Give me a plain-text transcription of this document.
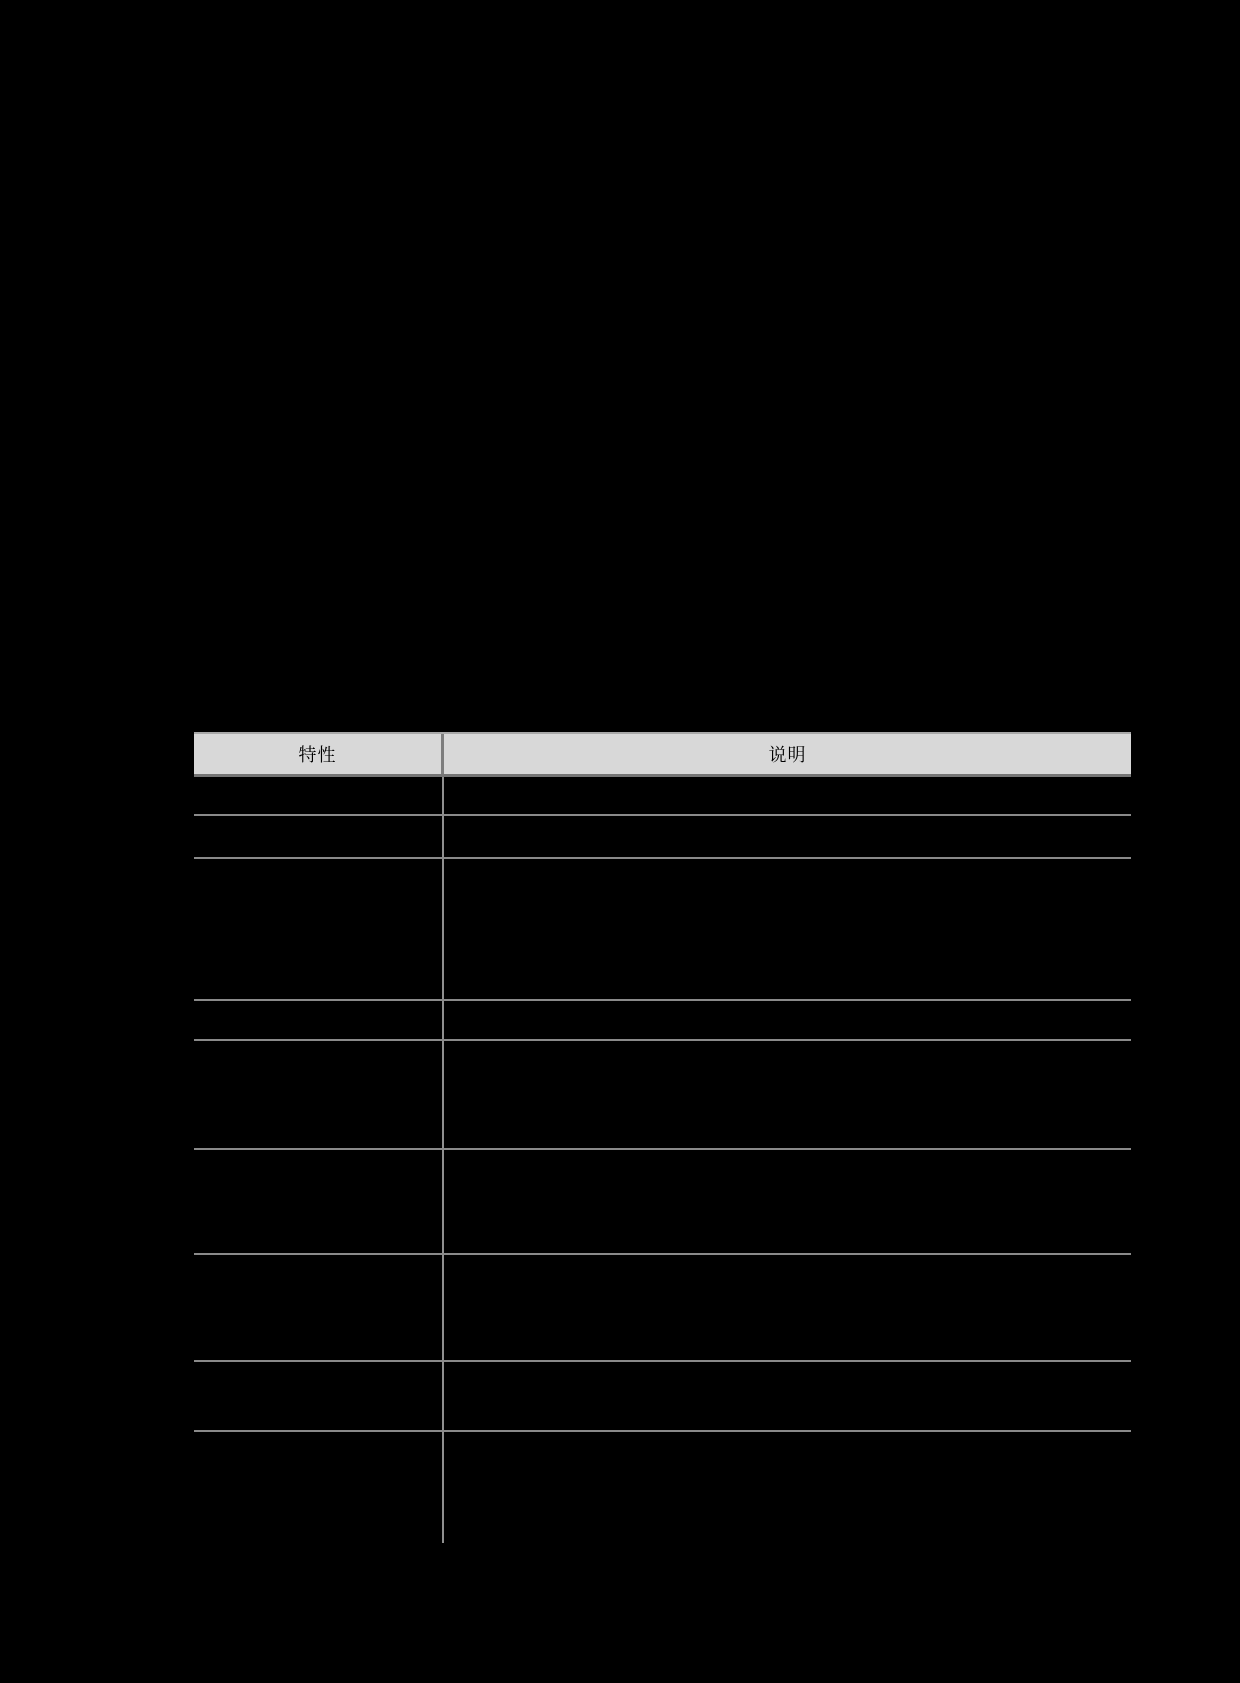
特性	说明
